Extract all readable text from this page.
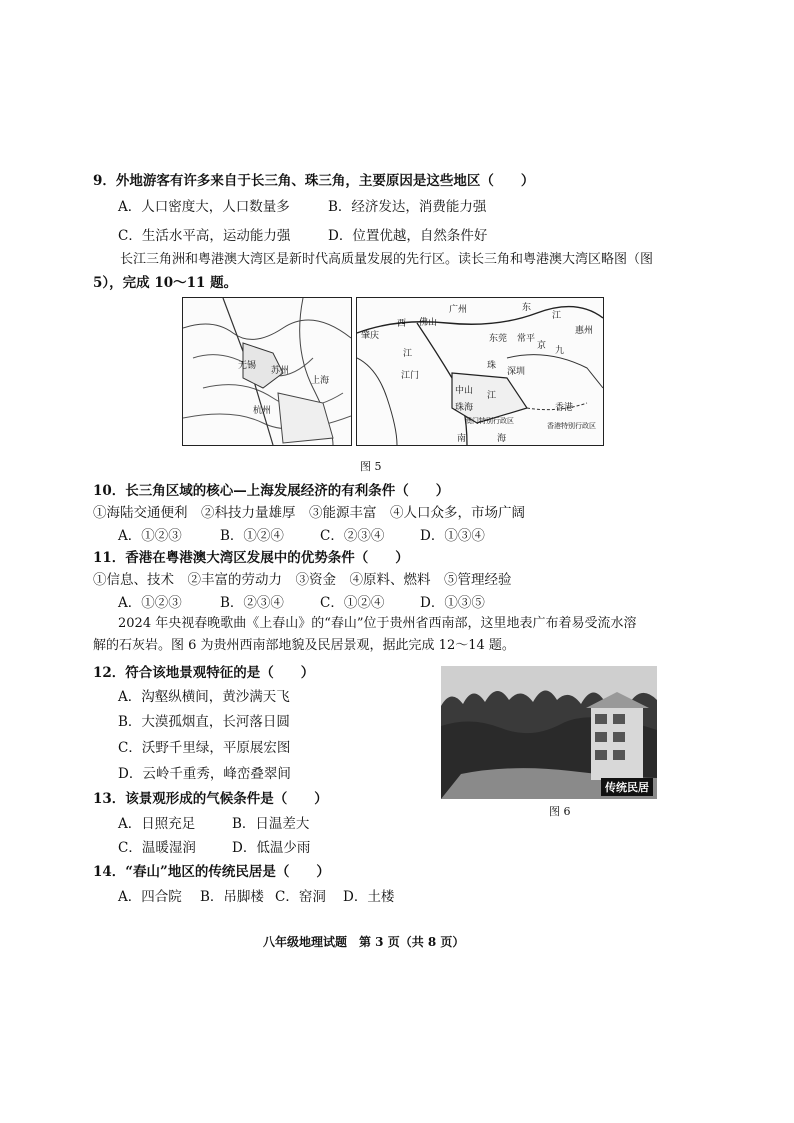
9．外地游客有许多来自于长三角、珠三角，主要原因是这些地区（　　）
A．人口密度大，人口数量多	B．经济发达，消费能力强
C．生活水平高，运动能力强	D．位置优越，自然条件好
长江三角洲和粤港澳大湾区是新时代高质量发展的先行区。读长三角和粤港澳大湾区略图（图
5），完成 10～11 题。
苏州
无锡
上海
杭州
广州	东
江
惠州
肇庆
西 佛山
东莞 常平
京 九
江
江门
珠
深圳
中山
珠海
江
澳门特别行政区
香港
香港特别行政区
南	海
图 5
10．长三角区域的核心—上海发展经济的有利条件（　　）
①海陆交通便利　②科技力量雄厚　③能源丰富　④人口众多，市场广阔
A．①②③	B．①②④	C．②③④	D．①③④
11．香港在粤港澳大湾区发展中的优势条件（　　）
①信息、技术　②丰富的劳动力　③资金　④原料、燃料　⑤管理经验
A．①②③	B．②③④	C．①②④	D．①③⑤
2024 年央视春晚歌曲《上春山》的“春山”位于贵州省西南部，这里地表广布着易受流水溶
解的石灰岩。图 6 为贵州西南部地貌及民居景观，据此完成 12～14 题。
12．符合该地景观特征的是（　　）
A．沟壑纵横间，黄沙满天飞
B．大漠孤烟直，长河落日圆
C．沃野千里绿，平原展宏图
D．云岭千重秀，峰峦叠翠间
传统民居
图 6
13．该景观形成的气候条件是（　　）
A．日照充足	B．日温差大
C．温暖湿润	D．低温少雨
14．“春山”地区的传统民居是（　　）
A．四合院 B．吊脚楼 C．窑洞 D．土楼
八年级地理试题　第 3 页（共 8 页）
